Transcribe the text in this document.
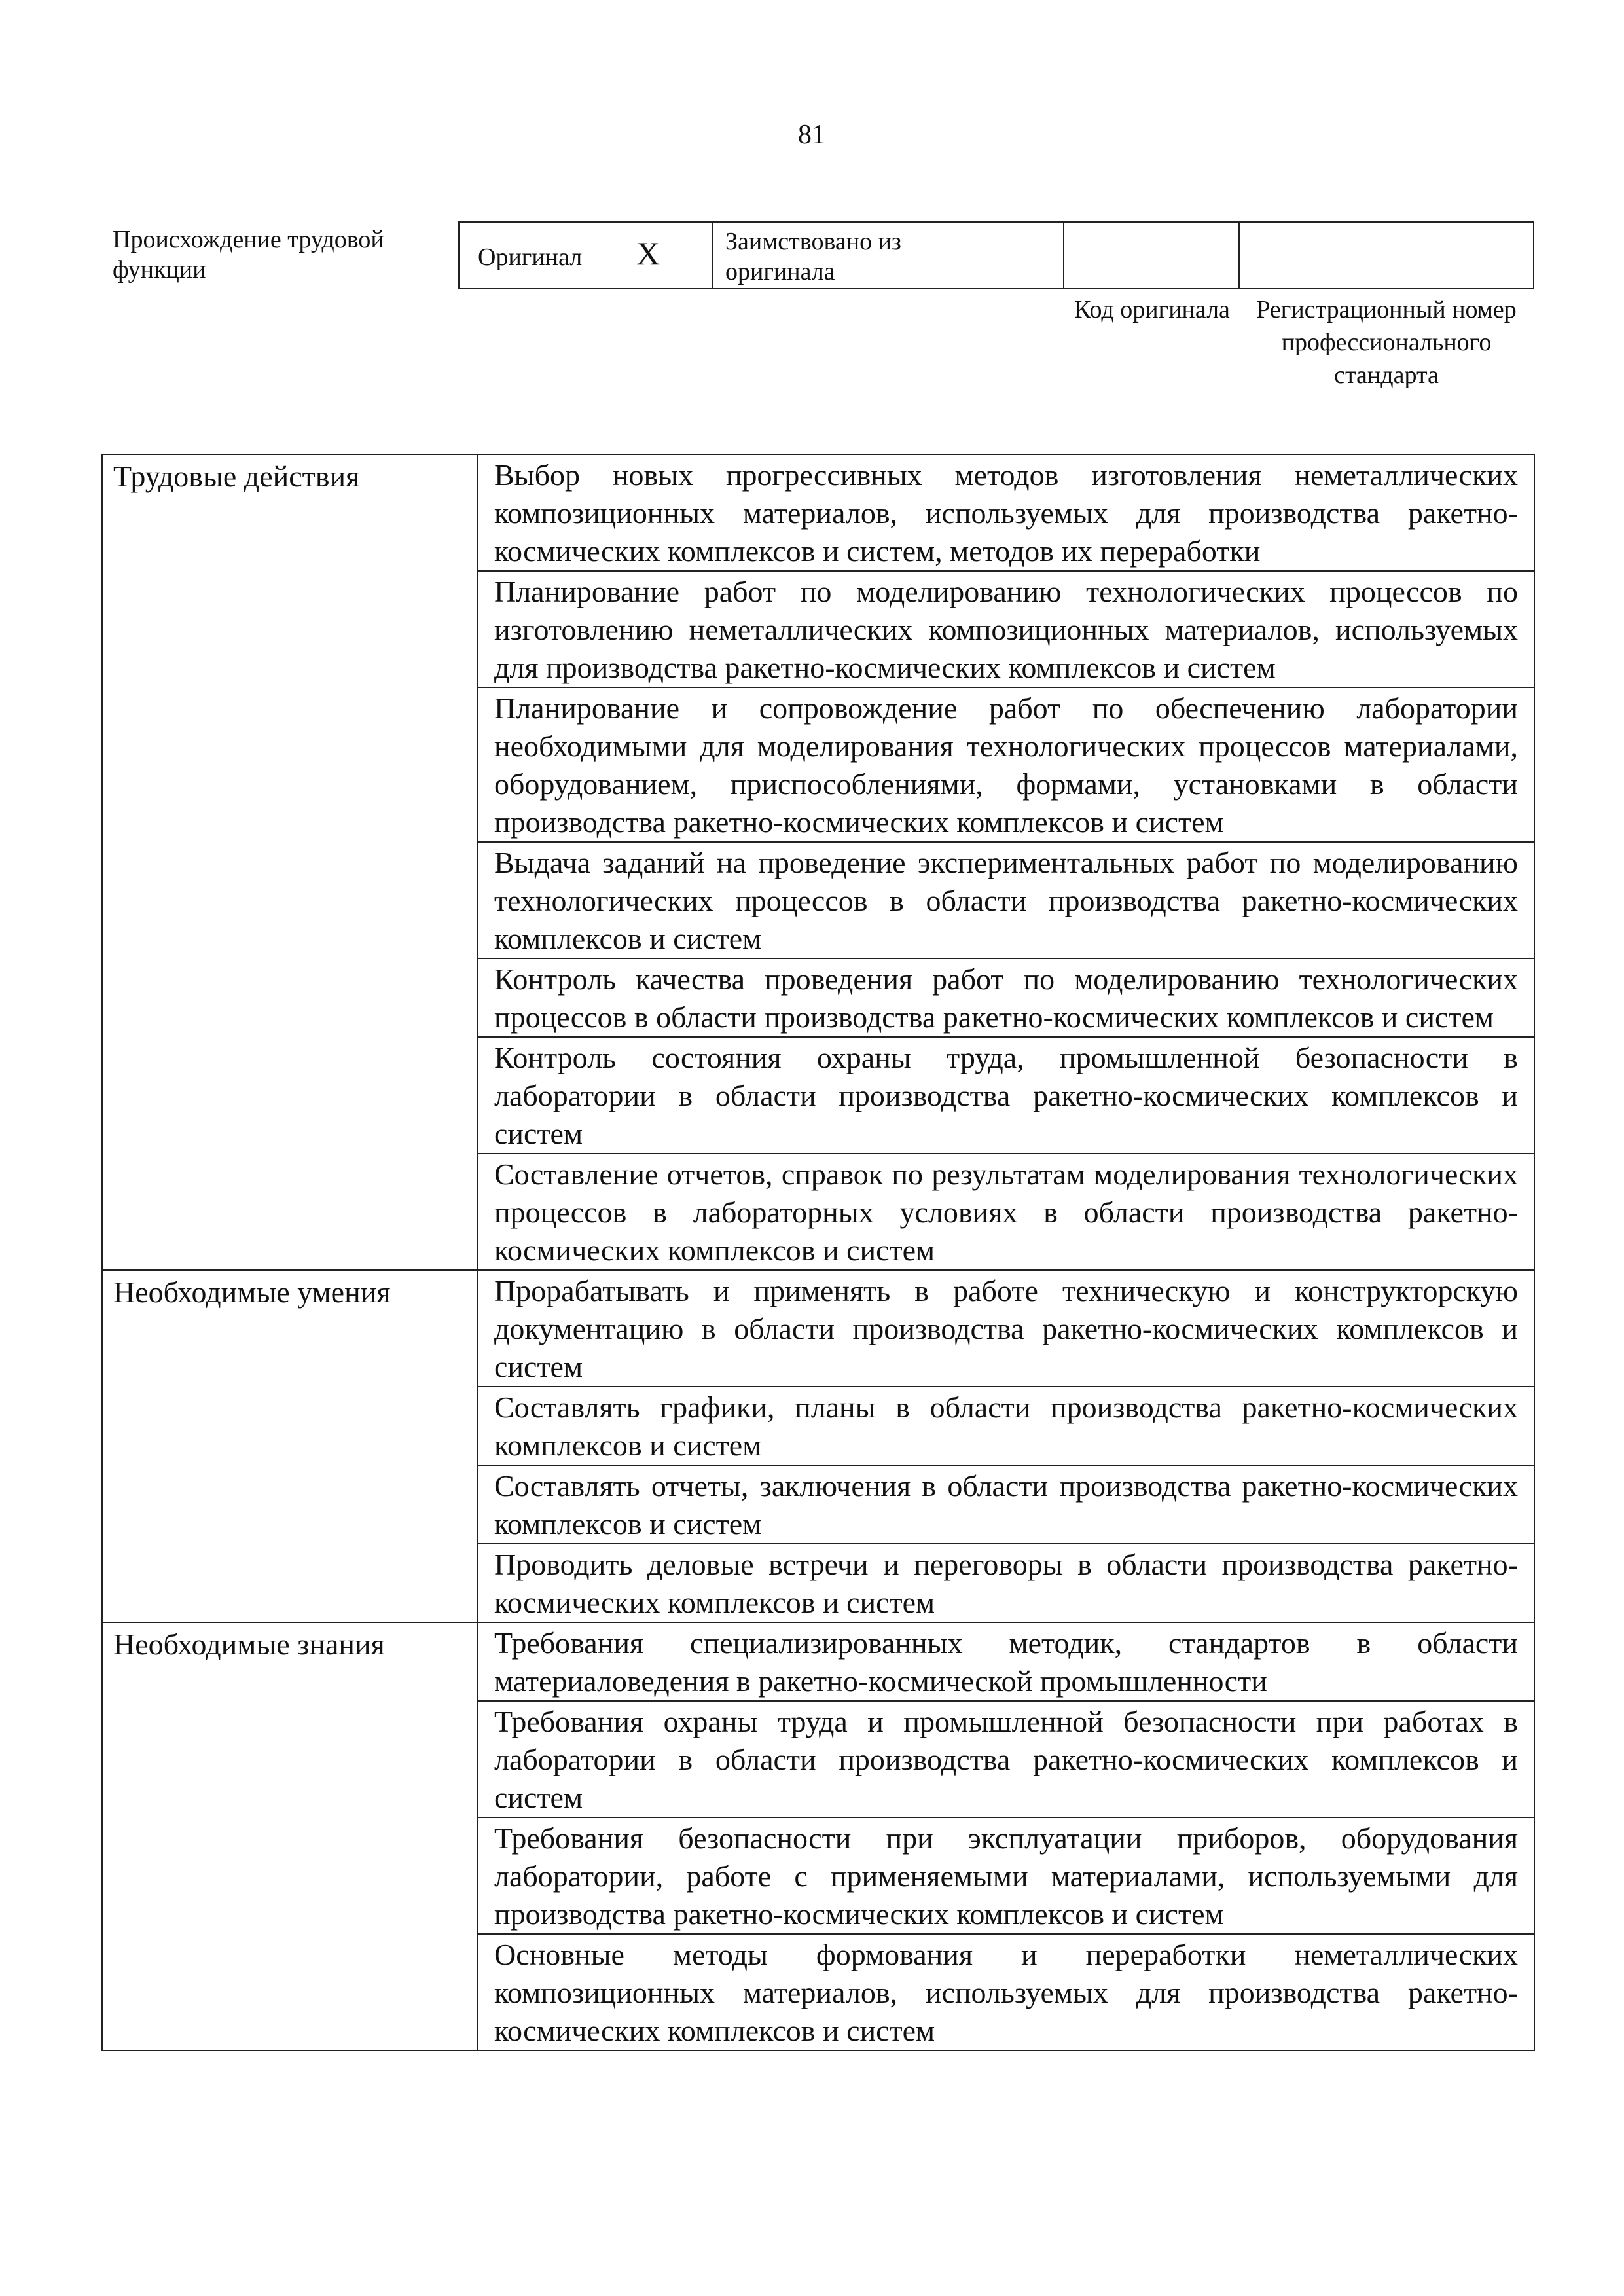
81
Происхождение трудовой функции	Оригинал X	Заимствовано из оригинала
Код оригинала	Регистрационный номер профессионального стандарта
Трудовые действия	Выбор новых прогрессивных методов изготовления неметаллических композиционных материалов, используемых для производства ракетно-космических комплексов и систем, методов их переработки
	Планирование работ по моделированию технологических процессов по изготовлению неметаллических композиционных материалов, используемых для производства ракетно-космических комплексов и систем
	Планирование и сопровождение работ по обеспечению лаборатории необходимыми для моделирования технологических процессов материалами, оборудованием, приспособлениями, формами, установками в области производства ракетно-космических комплексов и систем
	Выдача заданий на проведение экспериментальных работ по моделированию технологических процессов в области производства ракетно-космических комплексов и систем
	Контроль качества проведения работ по моделированию технологических процессов в области производства ракетно-космических комплексов и систем
	Контроль состояния охраны труда, промышленной безопасности в лаборатории в области производства ракетно-космических комплексов и систем
	Составление отчетов, справок по результатам моделирования технологических процессов в лабораторных условиях в области производства ракетно-космических комплексов и систем
Необходимые умения	Прорабатывать и применять в работе техническую и конструкторскую документацию в области производства ракетно-космических комплексов и систем
	Составлять графики, планы в области производства ракетно-космических комплексов и систем
	Составлять отчеты, заключения в области производства ракетно-космических комплексов и систем
	Проводить деловые встречи и переговоры в области производства ракетно-космических комплексов и систем
Необходимые знания	Требования специализированных методик, стандартов в области материаловедения в ракетно-космической промышленности
	Требования охраны труда и промышленной безопасности при работах в лаборатории в области производства ракетно-космических комплексов и систем
	Требования безопасности при эксплуатации приборов, оборудования лаборатории, работе с применяемыми материалами, используемыми для производства ракетно-космических комплексов и систем
	Основные методы формования и переработки неметаллических композиционных материалов, используемых для производства ракетно-космических комплексов и систем
